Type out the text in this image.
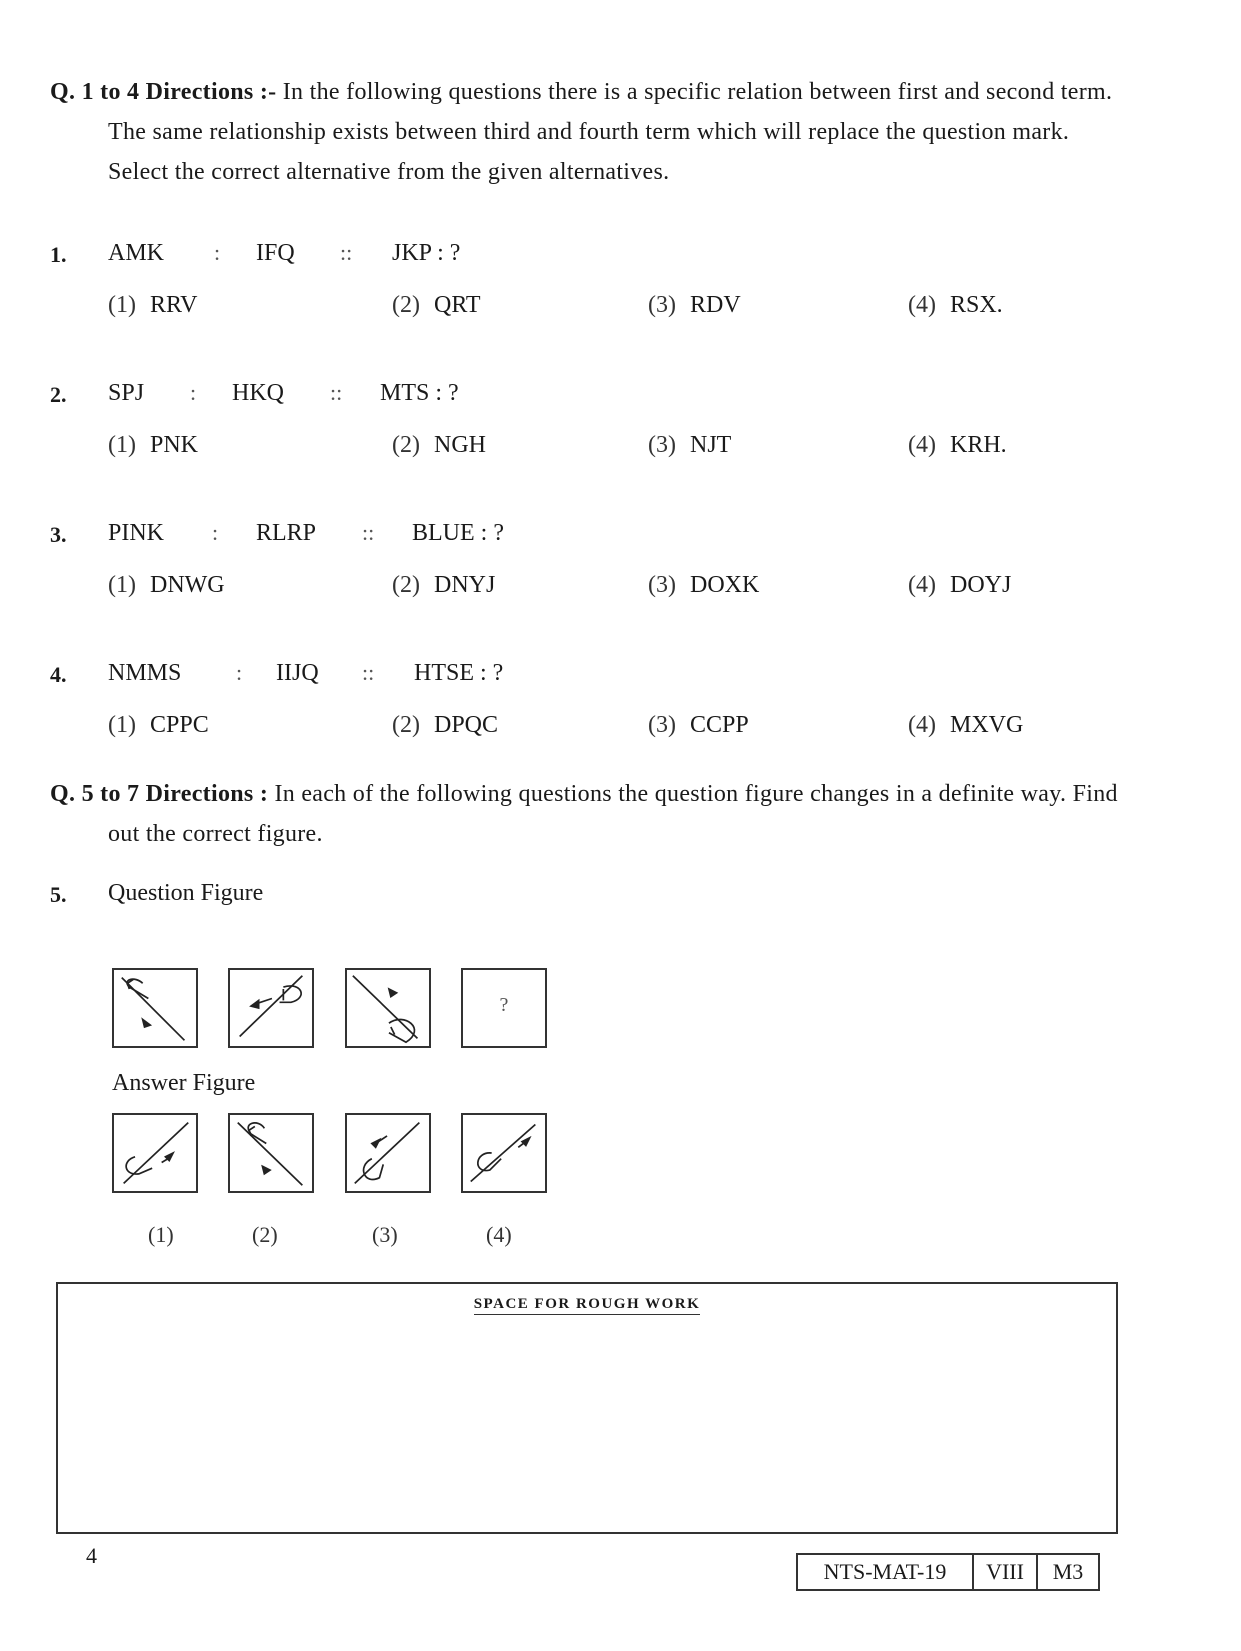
Q. 1 to 4 Directions :- In the following questions there is a specific relation between first and second term. The same relationship exists between third and fourth term which will replace the question mark. Select the correct alternative from the given alternatives.
1. AMK : IFQ :: JKP : ?
(1) RRV	(2) QRT	(3) RDV	(4) RSX.
2. SPJ : HKQ :: MTS : ?
(1) PNK	(2) NGH	(3) NJT	(4) KRH.
3. PINK : RLRP :: BLUE : ?
(1) DNWG	(2) DNYJ	(3) DOXK	(4) DOYJ
4. NMMS : IIJQ :: HTSE : ?
(1) CPPC	(2) DPQC	(3) CCPP	(4) MXVG
Q. 5 to 7 Directions : In each of the following questions the question figure changes in a definite way. Find out the correct figure.
5. Question Figure
?
Answer Figure
(1)	(2)	(3)	(4)
SPACE FOR ROUGH WORK
4
NTS-MAT-19	VIII	M3
